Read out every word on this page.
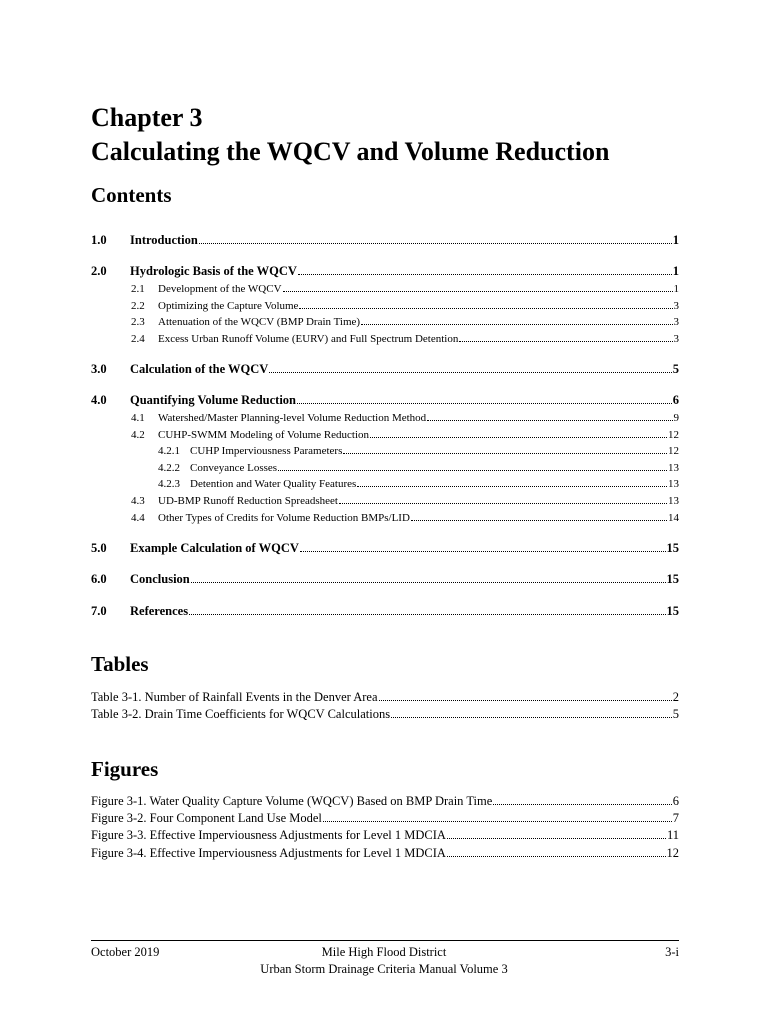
Chapter 3
Calculating the WQCV and Volume Reduction
Contents
1.0	Introduction	1
2.0	Hydrologic Basis of the WQCV	1
2.1	Development of the WQCV	1
2.2	Optimizing the Capture Volume	3
2.3	Attenuation of the WQCV (BMP Drain Time)	3
2.4	Excess Urban Runoff Volume (EURV) and Full Spectrum Detention	3
3.0	Calculation of the WQCV	5
4.0	Quantifying Volume Reduction	6
4.1	Watershed/Master Planning-level Volume Reduction Method	9
4.2	CUHP-SWMM Modeling of Volume Reduction	12
4.2.1 CUHP Imperviousness Parameters	12
4.2.2 Conveyance Losses	13
4.2.3 Detention and Water Quality Features	13
4.3	UD-BMP Runoff Reduction Spreadsheet	13
4.4	Other Types of Credits for Volume Reduction BMPs/LID	14
5.0	Example Calculation of WQCV	15
6.0	Conclusion	15
7.0	References	15
Tables
Table 3-1. Number of Rainfall Events in the Denver Area	2
Table 3-2. Drain Time Coefficients for WQCV Calculations	5
Figures
Figure 3-1. Water Quality Capture Volume (WQCV) Based on BMP Drain Time	6
Figure 3-2. Four Component Land Use Model	7
Figure 3-3. Effective Imperviousness Adjustments for Level 1 MDCIA	11
Figure 3-4. Effective Imperviousness Adjustments for Level 1 MDCIA	12
October 2019	Mile High Flood District
Urban Storm Drainage Criteria Manual Volume 3
3-i
